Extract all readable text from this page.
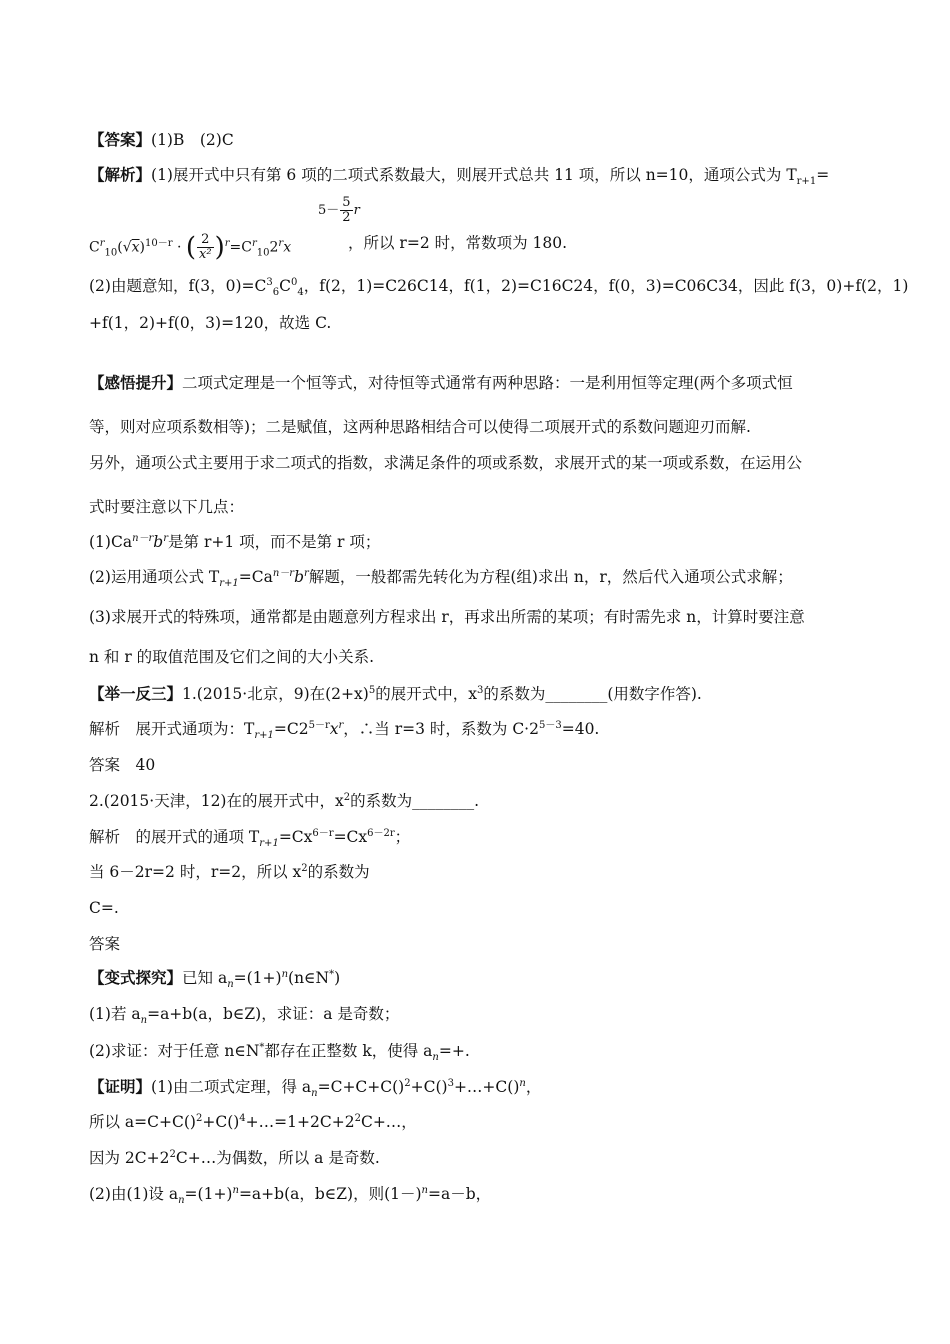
【答案】(1)B　(2)C
【解析】(1)展开式中只有第 6 项的二项式系数最大，则展开式总共 11 项，所以 n=10，通项公式为 $T_{r+1}=$
$5- \frac{5}{2}$ r
$C^r_{10}(√x)^{10-r}$ · ( $\frac{2}{\text{x²}} )^r=C^r_{10}2^rx$	，所以 r=2 时，常数项为 180.
(2)由题意知，f(3，$0)=C^3_6C^0_4$，f(2，1)=C26C14，f(1，2)=C16C24，f(0，3)=C06C34，因此 f(3，0)+f(2，1)
+f(1，2)+f(0，3)=120，故选 C.
【感悟提升】二项式定理是一个恒等式，对待恒等式通常有两种思路：一是利用恒等定理(两个多项式恒
等，则对应项系数相等)；二是赋值，这两种思路相结合可以使得二项展开式的系数问题迎刃而解.
另外，通项公式主要用于求二项式的指数，求满足条件的项或系数，求展开式的某一项或系数，在运用公
式时要注意以下几点：
$(1)Ca^{n-r}b^r$是第 r+1 项，而不是第 r 项；
(2)运用通项公式 $T_{r+1}=Ca^{n-r}b^r$解题，一般都需先转化为方程(组)求出 n，r，然后代入通项公式求解；
(3)求展开式的特殊项，通常都是由题意列方程求出 r，再求出所需的某项；有时需先求 n，计算时要注意
n 和 r 的取值范围及它们之间的大小关系.
【举一反三】1.(2015·北京，9)在$(2+x)^5$的展开式中，$x^3$的系数为________(用数字作答).
解析　展开式通项为：$T_{r+1}=C2^{5-r}x^r$，∴当 r=3 时，系数为 $C\cdot 2^{5-3}=40$.
答案　40
2.(2015·天津，12)在的展开式中，$x^2$的系数为________.
解析　的展开式的通项 $T_{r+1}=Cx^{6-r}=Cx^{6-2r}$；
当 6－2r=2 时，r=2，所以 $x^2$的系数为
C=.
答案
【变式探究】已知 $a_n=(1+)^n(n\in N^*)$
(1)若 $a_n=a+b(a$，b∈Z)，求证：a 是奇数；
(2)求证：对于任意 n∈N*都存在正整数 k，使得 $a_n=+$.
【证明】(1)由二项式定理，得 $a_n=C+C+C()^2+C()^3+\dots+C()^n$，
所以 $a=C+C()^2+C()^4+\dots=1+2C+2^2C+\dots$，
因为 $2C+2^2C+\dots$为偶数，所以 a 是奇数.
(2)由(1)设 $a_n=(1+)^n=a+b(a$，b∈Z)，则$(1-)^n=a-b$，
